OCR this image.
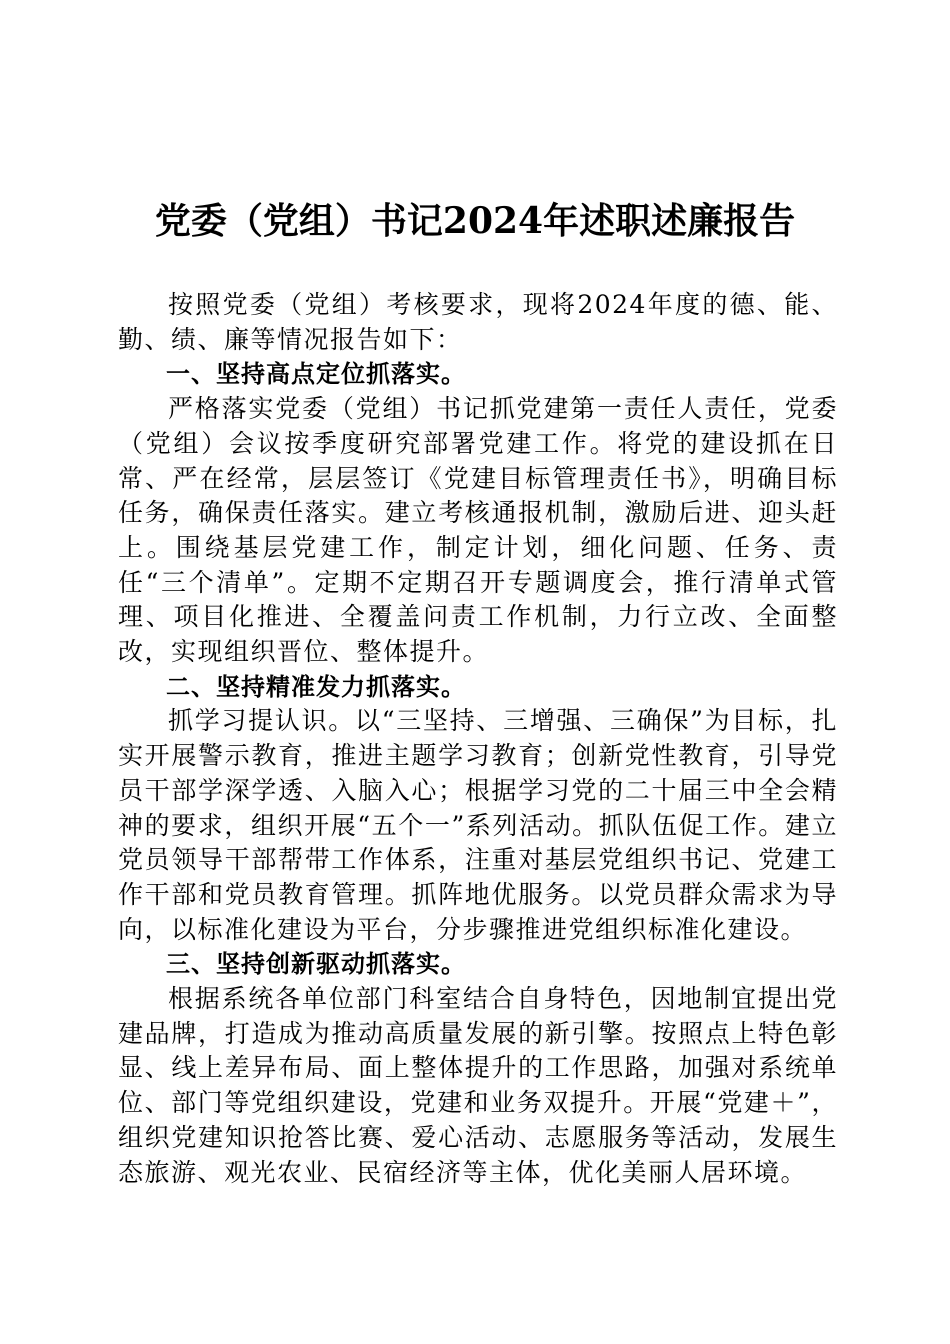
党委（党组）书记2024年述职述廉报告

按照党委（党组）考核要求，现将2024年度的德、能、勤、绩、廉等情况报告如下：

一、坚持高点定位抓落实。

严格落实党委（党组）书记抓党建第一责任人责任，党委（党组）会议按季度研究部署党建工作。将党的建设抓在日常、严在经常，层层签订《党建目标管理责任书》，明确目标任务，确保责任落实。建立考核通报机制，激励后进、迎头赶上。围绕基层党建工作，制定计划，细化问题、任务、责任“三个清单”。定期不定期召开专题调度会，推行清单式管理、项目化推进、全覆盖问责工作机制，力行立改、全面整改，实现组织晋位、整体提升。

二、坚持精准发力抓落实。

抓学习提认识。以“三坚持、三增强、三确保”为目标，扎实开展警示教育，推进主题学习教育；创新党性教育，引导党员干部学深学透、入脑入心；根据学习党的二十届三中全会精神的要求，组织开展“五个一”系列活动。抓队伍促工作。建立党员领导干部帮带工作体系，注重对基层党组织书记、党建工作干部和党员教育管理。抓阵地优服务。以党员群众需求为导向，以标准化建设为平台，分步骤推进党组织标准化建设。

三、坚持创新驱动抓落实。

根据系统各单位部门科室结合自身特色，因地制宜提出党建品牌，打造成为推动高质量发展的新引擎。按照点上特色彰显、线上差异布局、面上整体提升的工作思路，加强对系统单位、部门等党组织建设，党建和业务双提升。开展“党建＋”，组织党建知识抢答比赛、爱心活动、志愿服务等活动，发展生态旅游、观光农业、民宿经济等主体，优化美丽人居环境。
